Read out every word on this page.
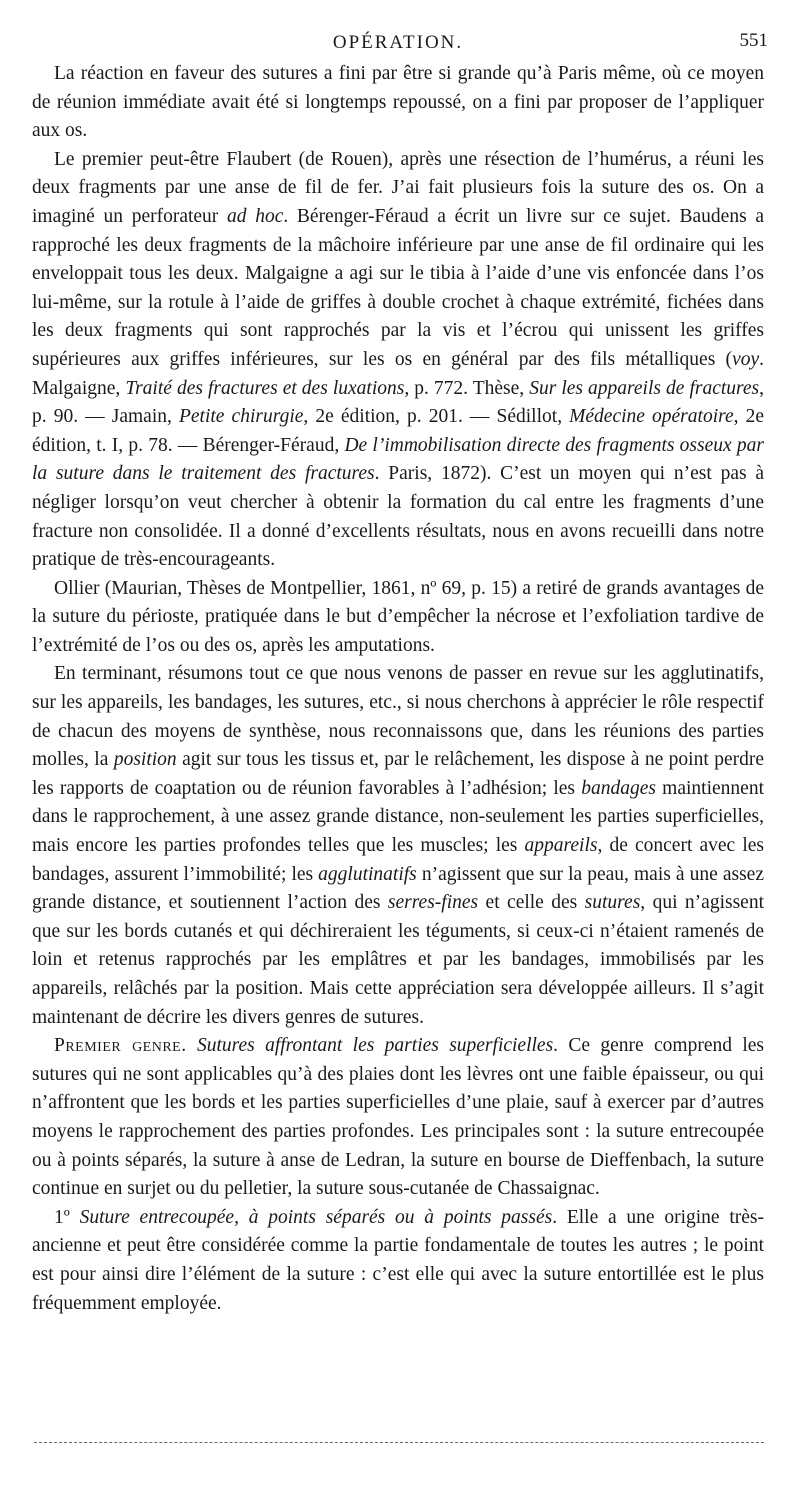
OPÉRATION.	551

La réaction en faveur des sutures a fini par être si grande qu’à Paris même, où ce moyen de réunion immédiate avait été si longtemps repoussé, on a fini par proposer de l’appliquer aux os.

Le premier peut-être Flaubert (de Rouen), après une résection de l’humérus, a réuni les deux fragments par une anse de fil de fer. J’ai fait plusieurs fois la suture des os. On a imaginé un perforateur ad hoc. Bérenger-Féraud a écrit un livre sur ce sujet. Baudens a rapproché les deux fragments de la mâchoire inférieure par une anse de fil ordinaire qui les enveloppait tous les deux. Malgaigne a agi sur le tibia à l’aide d’une vis enfoncée dans l’os lui-même, sur la rotule à l’aide de griffes à double crochet à chaque extrémité, fichées dans les deux fragments qui sont rapprochés par la vis et l’écrou qui unissent les griffes supérieures aux griffes inférieures, sur les os en général par des fils métalliques (voy. Malgaigne, Traité des fractures et des luxations, p. 772. Thèse, Sur les appareils de fractures, p. 90. — Jamain, Petite chirurgie, 2e édition, p. 201. — Sédillot, Médecine opératoire, 2e édition, t. I, p. 78. — Bérenger-Féraud, De l’immobilisation directe des fragments osseux par la suture dans le traitement des fractures. Paris, 1872). C’est un moyen qui n’est pas à négliger lorsqu’on veut chercher à obtenir la formation du cal entre les fragments d’une fracture non consolidée. Il a donné d’excellents résultats, nous en avons recueilli dans notre pratique de très-encourageants.

Ollier (Maurian, Thèses de Montpellier, 1861, nº 69, p. 15) a retiré de grands avantages de la suture du périoste, pratiquée dans le but d’empêcher la nécrose et l’exfoliation tardive de l’extrémité de l’os ou des os, après les amputations.

En terminant, résumons tout ce que nous venons de passer en revue sur les agglutinatifs, sur les appareils, les bandages, les sutures, etc., si nous cherchons à apprécier le rôle respectif de chacun des moyens de synthèse, nous reconnaissons que, dans les réunions des parties molles, la position agit sur tous les tissus et, par le relâchement, les dispose à ne point perdre les rapports de coaptation ou de réunion favorables à l’adhésion; les bandages maintiennent dans le rapprochement, à une assez grande distance, non-seulement les parties superficielles, mais encore les parties profondes telles que les muscles; les appareils, de concert avec les bandages, assurent l’immobilité; les agglutinatifs n’agissent que sur la peau, mais à une assez grande distance, et soutiennent l’action des serres-fines et celle des sutures, qui n’agissent que sur les bords cutanés et qui déchireraient les téguments, si ceux-ci n’étaient ramenés de loin et retenus rapprochés par les emplâtres et par les bandages, immobilisés par les appareils, relâchés par la position. Mais cette appréciation sera développée ailleurs. Il s’agit maintenant de décrire les divers genres de sutures.

Premier genre. Sutures affrontant les parties superficielles. Ce genre comprend les sutures qui ne sont applicables qu’à des plaies dont les lèvres ont une faible épaisseur, ou qui n’affrontent que les bords et les parties superficielles d’une plaie, sauf à exercer par d’autres moyens le rapprochement des parties profondes. Les principales sont : la suture entrecoupée ou à points séparés, la suture à anse de Ledran, la suture en bourse de Dieffenbach, la suture continue en surjet ou du pelletier, la suture sous-cutanée de Chassaignac.

1º Suture entrecoupée, à points séparés ou à points passés. Elle a une origine très-ancienne et peut être considérée comme la partie fondamentale de toutes les autres ; le point est pour ainsi dire l’élément de la suture : c’est elle qui avec la suture entortillée est le plus fréquemment employée.
